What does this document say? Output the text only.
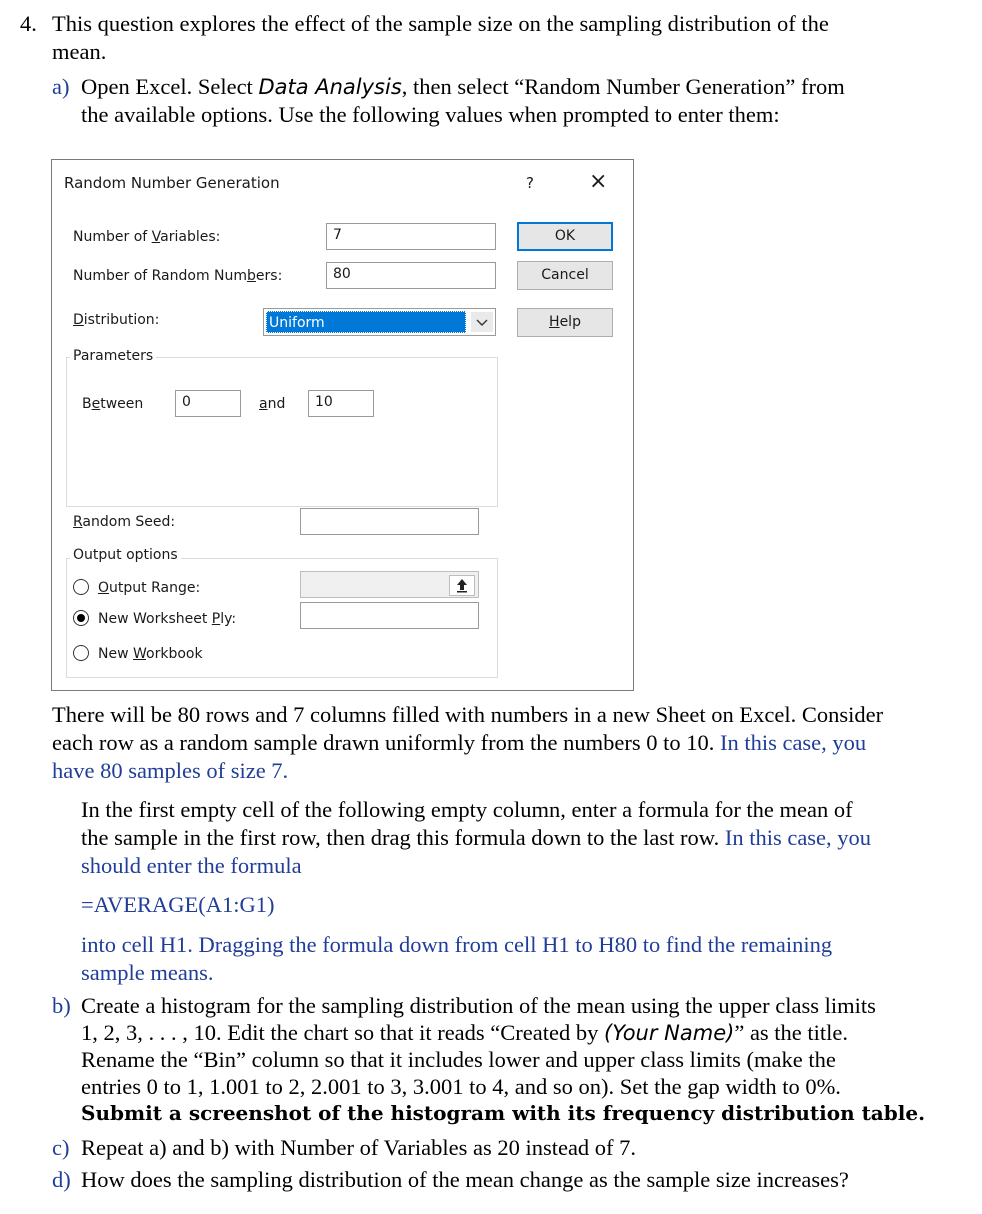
4. This question explores the effect of the sample size on the sampling distribution of the
mean.
a) Open Excel. Select Data Analysis, then select “Random Number Generation” from
the available options. Use the following values when prompted to enter them:
Random Number Generation	?	×
Number of Variables:	7
Number of Random Numbers:	80
Distribution:	Uniform
OK
Cancel
Help
Parameters
Between	0	and	10
Random Seed:
Output options
Output Range:
New Worksheet Ply:
New Workbook
There will be 80 rows and 7 columns filled with numbers in a new Sheet on Excel. Consider
each row as a random sample drawn uniformly from the numbers 0 to 10. In this case, you
have 80 samples of size 7.
In the first empty cell of the following empty column, enter a formula for the mean of
the sample in the first row, then drag this formula down to the last row. In this case, you
should enter the formula
=AVERAGE(A1:G1)
into cell H1. Dragging the formula down from cell H1 to H80 to find the remaining
sample means.
b) Create a histogram for the sampling distribution of the mean using the upper class limits
1, 2, 3, . . . , 10. Edit the chart so that it reads “Created by (Your Name)” as the title.
Rename the “Bin” column so that it includes lower and upper class limits (make the
entries 0 to 1, 1.001 to 2, 2.001 to 3, 3.001 to 4, and so on). Set the gap width to 0%.
Submit a screenshot of the histogram with its frequency distribution table.
c) Repeat a) and b) with Number of Variables as 20 instead of 7.
d) How does the sampling distribution of the mean change as the sample size increases?
